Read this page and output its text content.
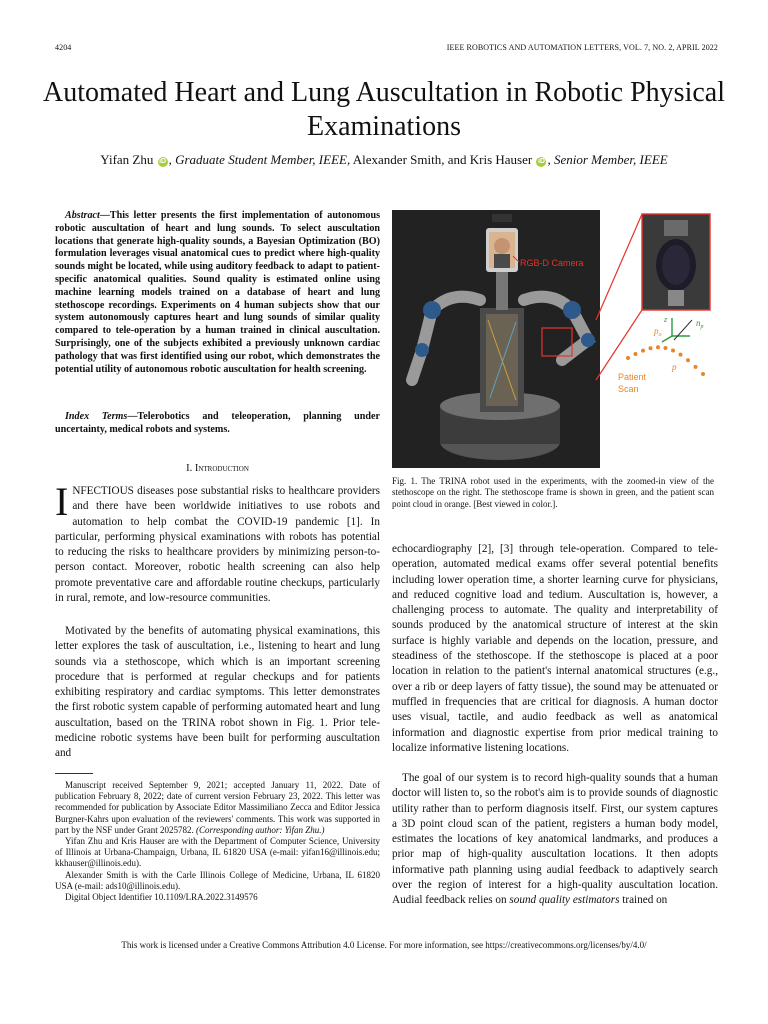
4204	IEEE ROBOTICS AND AUTOMATION LETTERS, VOL. 7, NO. 2, APRIL 2022
Automated Heart and Lung Auscultation in Robotic Physical Examinations
Yifan Zhu iD , Graduate Student Member, IEEE, Alexander Smith, and Kris Hauser iD , Senior Member, IEEE
Abstract—This letter presents the first implementation of autonomous robotic auscultation of heart and lung sounds. To select auscultation locations that generate high-quality sounds, a Bayesian Optimization (BO) formulation leverages visual anatomical cues to predict where high-quality sounds might be located, while using auditory feedback to adapt to patient-specific anatomical qualities. Sound quality is estimated online using machine learning models trained on a database of heart and lung stethoscope recordings. Experiments on 4 human subjects show that our system autonomously captures heart and lung sounds of similar quality compared to tele-operation by a human trained in clinical auscultation. Surprisingly, one of the subjects exhibited a previously unknown cardiac pathology that was first identified using our robot, which demonstrates the potential utility of autonomous robotic auscultation for health screening.
Index Terms—Telerobotics and teleoperation, planning under uncertainty, medical robots and systems.
I. Introduction
INFECTIOUS diseases pose substantial risks to healthcare providers and there have been worldwide initiatives to use robots and automation to help combat the COVID-19 pandemic [1]. In particular, performing physical examinations with robots has potential to reducing the risks to healthcare providers by minimizing person-to-person contact. Moreover, robotic health screening can also help promote preventative care and affordable routine checkups, particularly in rural, remote, and low-resource communities.
Motivated by the benefits of automating physical examinations, this letter explores the task of auscultation, i.e., listening to heart and lung sounds via a stethoscope, which which is an important screening procedure that is performed at regular checkups and for patients exhibiting respiratory and cardiac symptoms. This letter demonstrates the first robotic system capable of performing automated heart and lung auscultation, based on the TRINA robot shown in Fig. 1. Prior tele-medicine robotic systems have been built for performing auscultation and

Manuscript received September 9, 2021; accepted January 11, 2022. Date of publication February 8, 2022; date of current version February 23, 2022. This letter was recommended for publication by Associate Editor Massimiliano Zecca and Editor Jessica Burgner-Kahrs upon evaluation of the reviewers' comments. This work was supported in part by the NSF under Grant 2025782. (Corresponding author: Yifan Zhu.)

Yifan Zhu and Kris Hauser are with the Department of Computer Science, University of Illinois at Urbana-Champaign, Urbana, IL 61820 USA (e-mail: yifan16@illinois.edu; kkhauser@illinois.edu).

Alexander Smith is with the Carle Illinois College of Medicine, Urbana, IL 61820 USA (e-mail: ads10@illinois.edu).

Digital Object Identifier 10.1109/LRA.2022.3149576

RGB-D Camera
z	$n_p$
$p_o$
p
Patient
Scan
Fig. 1. The TRINA robot used in the experiments, with the zoomed-in view of the stethoscope on the right. The stethoscope frame is shown in green, and the patient scan point cloud in orange. [Best viewed in color.].
echocardiography [2], [3] through tele-operation. Compared to tele-operation, automated medical exams offer several potential benefits including lower operation time, a shorter learning curve for physicians, and reduced cognitive load and tedium. Auscultation is, however, a challenging process to automate. The quality and interpretability of sounds produced by the anatomical structure of interest at the skin surface is highly variable and depends on the location, pressure, and steadiness of the stethoscope. If the stethoscope is placed at a poor location in relation to the patient's internal anatomical structures (e.g., over a rib or deep layers of fatty tissue), the sound may be attenuated or muffled in frequencies that are critical for diagnosis. A human doctor uses visual, tactile, and audio feedback as well as anatomical information and diagnostic expertise from prior medical training to localize informative listening locations.
The goal of our system is to record high-quality sounds that a human doctor will listen to, so the robot's aim is to provide sounds of diagnostic utility rather than to perform diagnosis itself. First, our system captures a 3D point cloud scan of the patient, registers a human body model, estimates the locations of key anatomical landmarks, and produces a prior map of high-quality auscultation locations. It then adopts informative path planning using audial feedback to adaptively search over the region of interest for a high-quality auscultation location. Audial feedback relies on sound quality estimators trained on
This work is licensed under a Creative Commons Attribution 4.0 License. For more information, see https://creativecommons.org/licenses/by/4.0/
